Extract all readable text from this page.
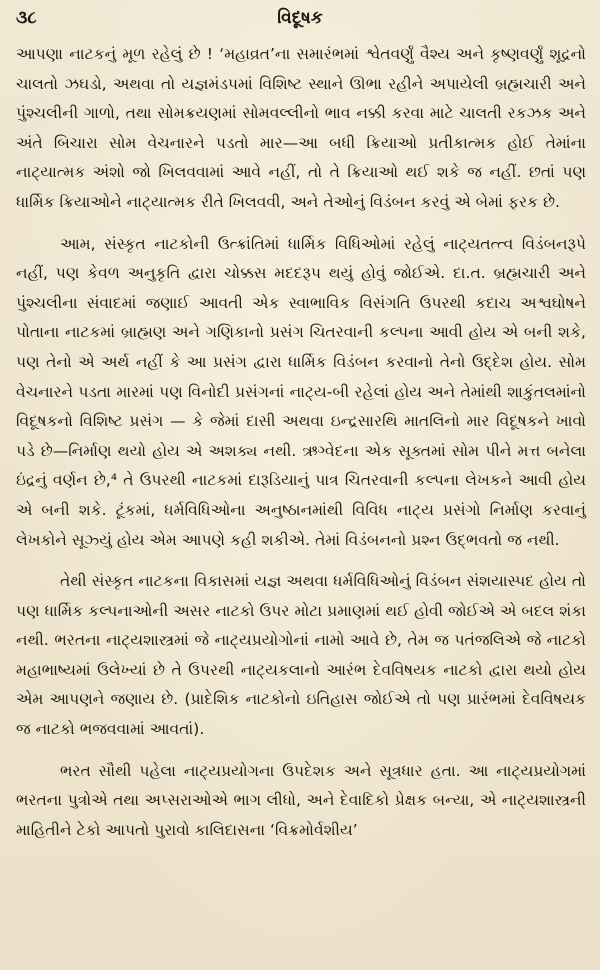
૩૮	વિદૂષક

આપણા નાટકનું મૂળ રહેલું છે ! ‘મહાવ્રત’ના સમારંભમાં શ્વેતવર્ણું વૈશ્ય અને કૃષ્ણવર્ણું શૂદ્રનો ચાલતો ઝઘડો, અથવા તો યજ્ઞમંડપમાં વિશિષ્ટ સ્થાને ઊભા રહીને અપાયેલી બ્રહ્મચારી અને પુંશ્ચલીની ગાળો, તથા સોમક્રયણમાં સોમવલ્લીનો ભાવ નક્કી કરવા માટે ચાલતી રકઝક અને અંતે બિચારા સોમ વેચનારને પડતો માર—આ બધી ક્રિયાઓ પ્રતીકાત્મક હોઈ તેમાંના નાટ્યાત્મક અંશો જો ખિલવવામાં આવે નહીં, તો તે ક્રિયાઓ થઈ શકે જ નહીં. છતાં પણ ધાર્મિક ક્રિયાઓને નાટ્યાત્મક રીતે ખિલવવી, અને તેઓનું વિડંબન કરવું એ બેમાં ફરક છે.

આમ, સંસ્કૃત નાટકોની ઉત્ક્રાંતિમાં ધાર્મિક વિધિઓમાં રહેલું નાટ્યતત્ત્વ વિડંબનરૂપે નહીં, પણ કેવળ અનુકૃતિ દ્વારા ચોક્કસ મદદરૂપ થયું હોવું જોઈએ. દા.ત. બ્રહ્મચારી અને પુંશ્ચલીના સંવાદમાં જણાઈ આવતી એક સ્વાભાવિક વિસંગતિ ઉપરથી કદાચ અશ્વઘોષને પોતાના નાટકમાં બ્રાહ્મણ અને ગણિકાનો પ્રસંગ ચિતરવાની કલ્પના આવી હોય એ બની શકે, પણ તેનો એ અર્થ નહીં કે આ પ્રસંગ દ્વારા ધાર્મિક વિડંબન કરવાનો તેનો ઉદ્દેશ હોય. સોમ વેચનારને પડતા મારમાં પણ વિનોદી પ્રસંગનાં નાટ્ય-બી રહેલાં હોય અને તેમાંથી શાકુંતલમાંનો વિદૂષકનો વિશિષ્ટ પ્રસંગ — કે જેમાં દાસી અથવા ઇન્દ્રસારથિ માતલિનો માર વિદૂષકને ખાવો પડે છે—નિર્માણ થયો હોય એ અશક્ય નથી. ઋગ્વેદના એક સૂક્તમાં સોમ પીને મત્ત બનેલા ઇંદ્રનું વર્ણન છે,⁴ તે ઉપરથી નાટકમાં દારૂડિયાનું પાત્ર ચિતરવાની કલ્પના લેખકને આવી હોય એ બની શકે. ટૂંકમાં, ધર્મવિધિઓના અનુષ્ઠાનમાંથી વિવિધ નાટ્ય પ્રસંગો નિર્માણ કરવાનું લેખકોને સૂઝ્યું હોય એમ આપણે કહી શકીએ. તેમાં વિડંબનનો પ્રશ્ન ઉદ્ભવતો જ નથી.

તેથી સંસ્કૃત નાટકના વિકાસમાં યજ્ઞ અથવા ધર્મવિધિઓનું વિડંબન સંશયાસ્પદ હોય તો પણ ધાર્મિક કલ્પનાઓની અસર નાટકો ઉપર મોટા પ્રમાણમાં થઈ હોવી જોઈએ એ બદલ શંકા નથી. ભરતના નાટ્યશાસ્ત્રમાં જે નાટ્યપ્રયોગોનાં નામો આવે છે, તેમ જ પતંજલિએ જે નાટકો મહાભાષ્યમાં ઉલેખ્યાં છે તે ઉપરથી નાટ્યકલાનો આરંભ દેવવિષયક નાટકો દ્વારા થયો હોય એમ આપણને જણાય છે. (પ્રાદેશિક નાટકોનો ઇતિહાસ જોઈએ તો પણ પ્રારંભમાં દેવવિષયક જ નાટકો ભજવવામાં આવતાં).

ભરત સૌથી પહેલા નાટ્યપ્રયોગના ઉપદેશક અને સૂત્રધાર હતા. આ નાટ્યપ્રયોગમાં ભરતના પુત્રોએ તથા અપ્સરાઓએ ભાગ લીધો, અને દેવાદિકો પ્રેક્ષક બન્યા, એ નાટ્યશાસ્ત્રની માહિતીને ટેકો આપતો પુરાવો કાલિદાસના ‘વિક્રમોર્વશીય’
